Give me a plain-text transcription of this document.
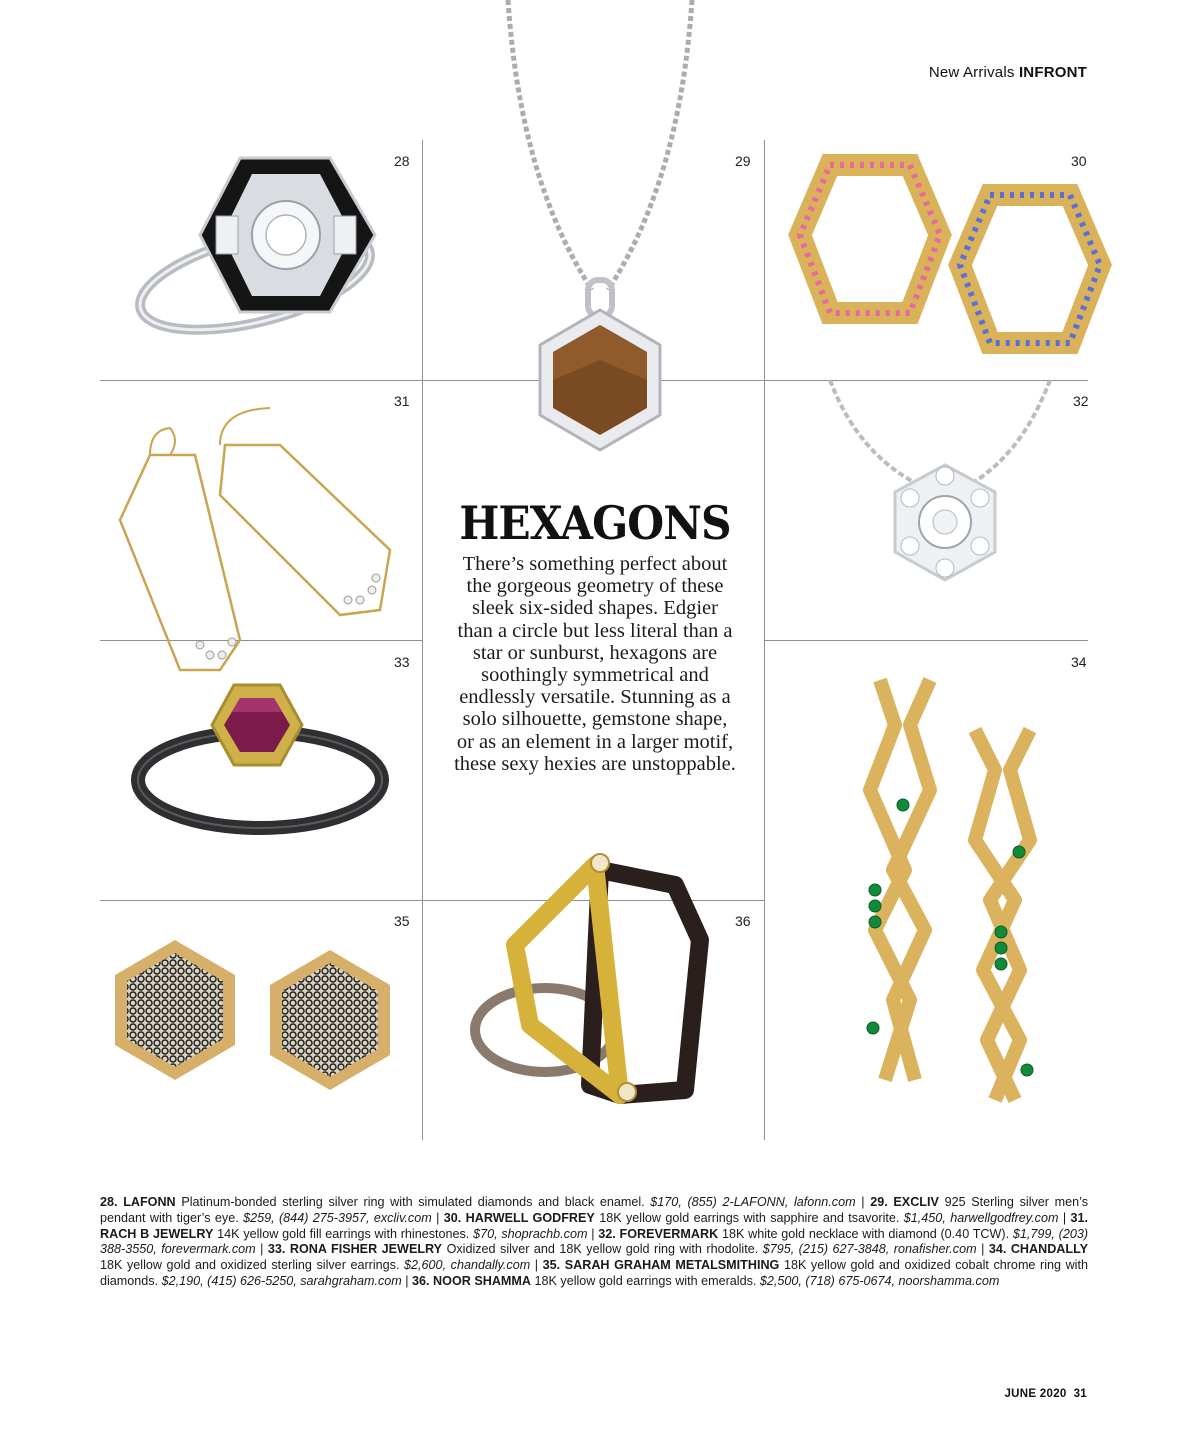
New Arrivals INFRONT
28	29	30
31	32
33	34
35	36
HEXAGONS
There’s something perfect about the gorgeous geometry of these sleek six-sided shapes. Edgier than a circle but less literal than a star or sunburst, hexagons are soothingly symmetrical and endlessly versatile. Stunning as a solo silhouette, gemstone shape, or as an element in a larger motif, these sexy hexies are unstoppable.
28. LAFONN Platinum-bonded sterling silver ring with simulated diamonds and black enamel. $170, (855) 2-LAFONN, lafonn.com | 29. EXCLIV 925 Sterling silver men’s pendant with tiger’s eye. $259, (844) 275-3957, excliv.com | 30. HARWELL GODFREY 18K yellow gold earrings with sapphire and tsavorite. $1,450, harwellgodfrey.com | 31. RACH B JEWELRY 14K yellow gold fill earrings with rhinestones. $70, shoprachb.com | 32. FOREVERMARK 18K white gold necklace with diamond (0.40 TCW). $1,799, (203) 388-3550, forevermark.com | 33. RONA FISHER JEWELRY Oxidized silver and 18K yellow gold ring with rhodolite. $795, (215) 627-3848, ronafisher.com | 34. CHANDALLY 18K yellow gold and oxidized sterling silver earrings. $2,600, chandally.com | 35. SARAH GRAHAM METALSMITHING 18K yellow gold and oxidized cobalt chrome ring with diamonds. $2,190, (415) 626-5250, sarahgraham.com | 36. NOOR SHAMMA 18K yellow gold earrings with emeralds. $2,500, (718) 675-0674, noorshamma.com
JUNE 2020 31
